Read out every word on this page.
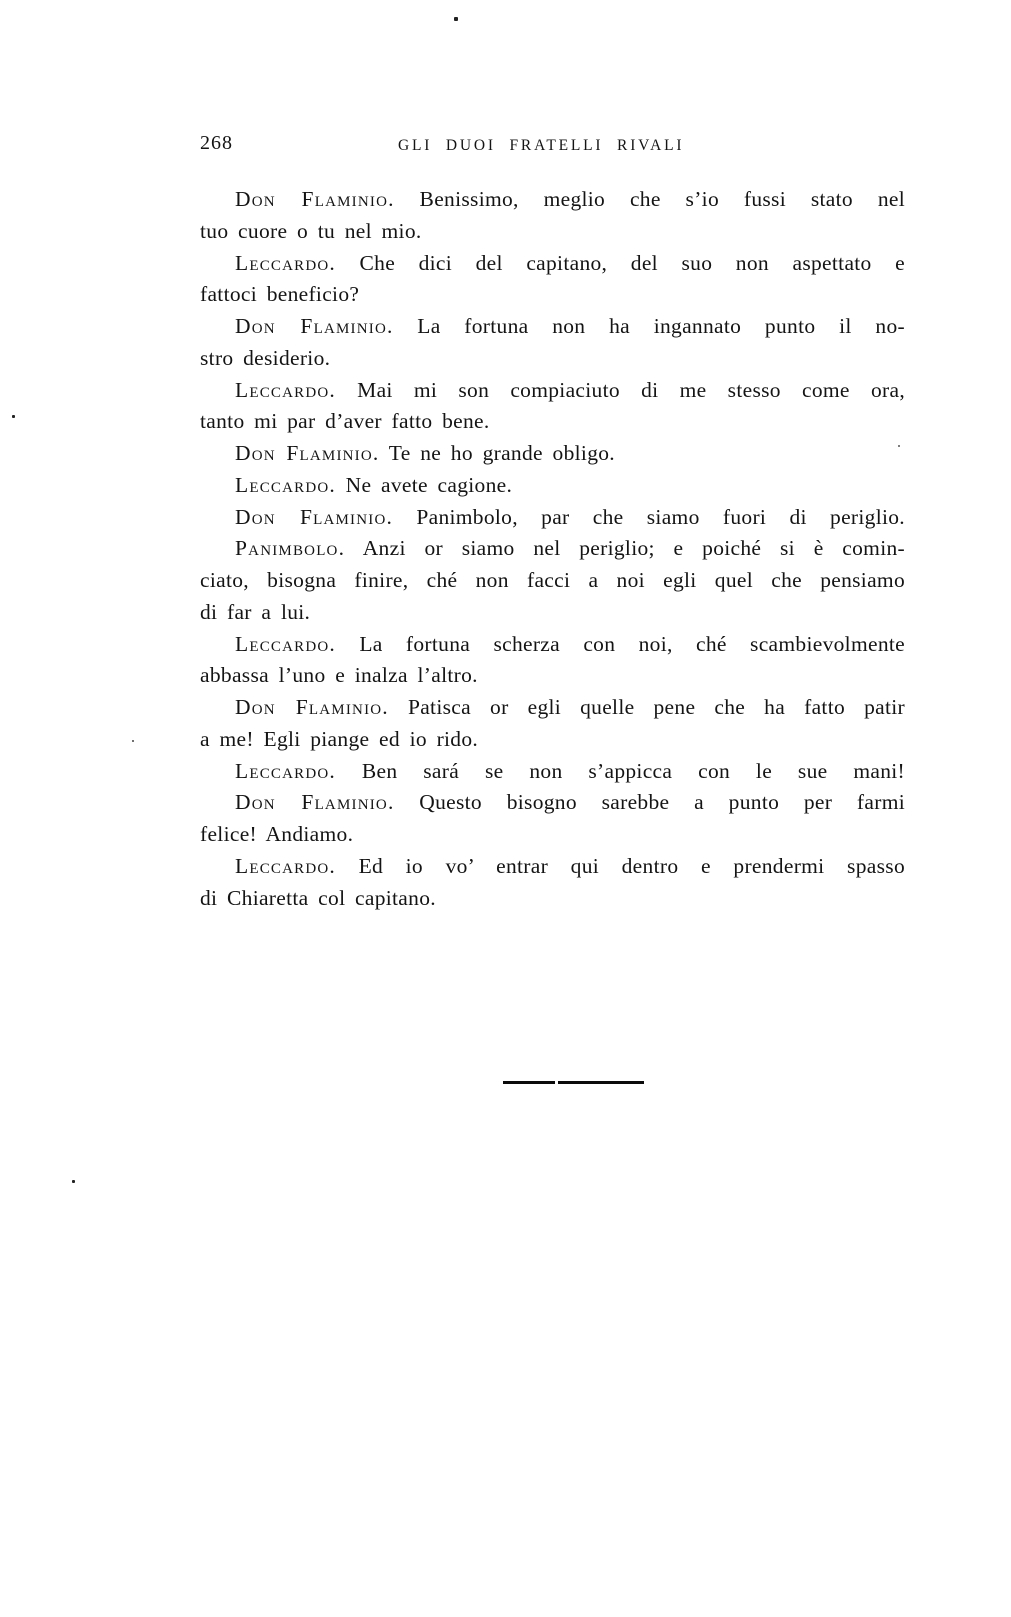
268	GLI DUOI FRATELLI RIVALI

Don Flaminio. Benissimo, meglio che s’io fussi stato nel
tuo cuore o tu nel mio.

Leccardo. Che dici del capitano, del suo non aspettato e
fattoci beneficio?

Don Flaminio. La fortuna non ha ingannato punto il no-
stro desiderio.

Leccardo. Mai mi son compiaciuto di me stesso come ora,
tanto mi par d’aver fatto bene.

Don Flaminio. Te ne ho grande obligo.

Leccardo. Ne avete cagione.

Don Flaminio. Panimbolo, par che siamo fuori di periglio.

Panimbolo. Anzi or siamo nel periglio; e poiché si è comin-
ciato, bisogna finire, ché non facci a noi egli quel che pensiamo
di far a lui.

Leccardo. La fortuna scherza con noi, ché scambievolmente
abbassa l’uno e inalza l’altro.

Don Flaminio. Patisca or egli quelle pene che ha fatto patir
a me! Egli piange ed io rido.

Leccardo. Ben sará se non s’appicca con le sue mani!

Don Flaminio. Questo bisogno sarebbe a punto per farmi
felice! Andiamo.

Leccardo. Ed io vo’ entrar qui dentro e prendermi spasso
di Chiaretta col capitano.
